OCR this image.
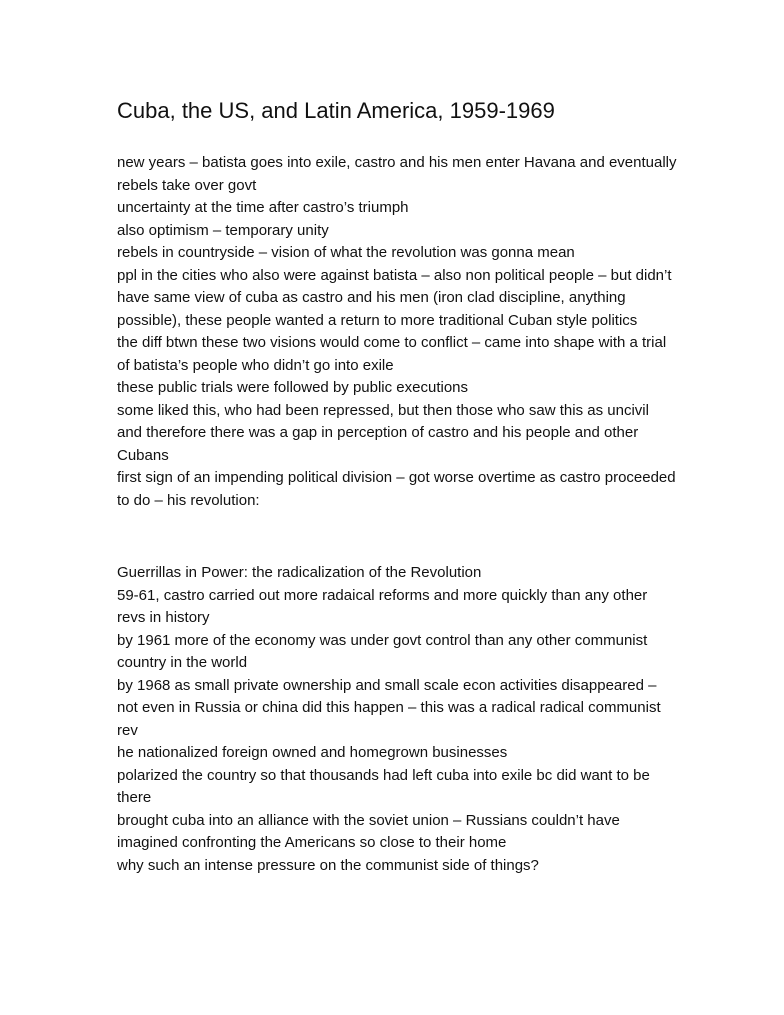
Cuba, the US, and Latin America, 1959-1969

new years – batista goes into exile, castro and his men enter Havana and eventually rebels take over govt

uncertainty at the time after castro’s triumph

also optimism – temporary unity

rebels in countryside – vision of what the revolution was gonna mean

ppl in the cities who also were against batista – also non political people – but didn’t have same view of cuba as castro and his men (iron clad discipline, anything possible), these people wanted a return to more traditional Cuban style politics

the diff btwn these two visions would come to conflict – came into shape with a trial of batista’s people who didn’t go into exile

these public trials were followed by public executions

some liked this, who had been repressed, but then those who saw this as uncivil and therefore there was a gap in perception of castro and his people and other Cubans

first sign of an impending political division – got worse overtime as castro proceeded to do – his revolution:

Guerrillas in Power: the radicalization of the Revolution

59-61, castro carried out more radaical reforms and more quickly than any other revs in history

by 1961 more of the economy was under govt control than any other communist country in the world

by 1968 as small private ownership and small scale econ activities disappeared – not even in Russia or china did this happen – this was a radical radical communist rev

he nationalized foreign owned and homegrown businesses

polarized the country so that thousands had left cuba into exile bc did want to be there

brought cuba into an alliance with the soviet union – Russians couldn’t have imagined confronting the Americans so close to their home

why such an intense pressure on the communist side of things?
